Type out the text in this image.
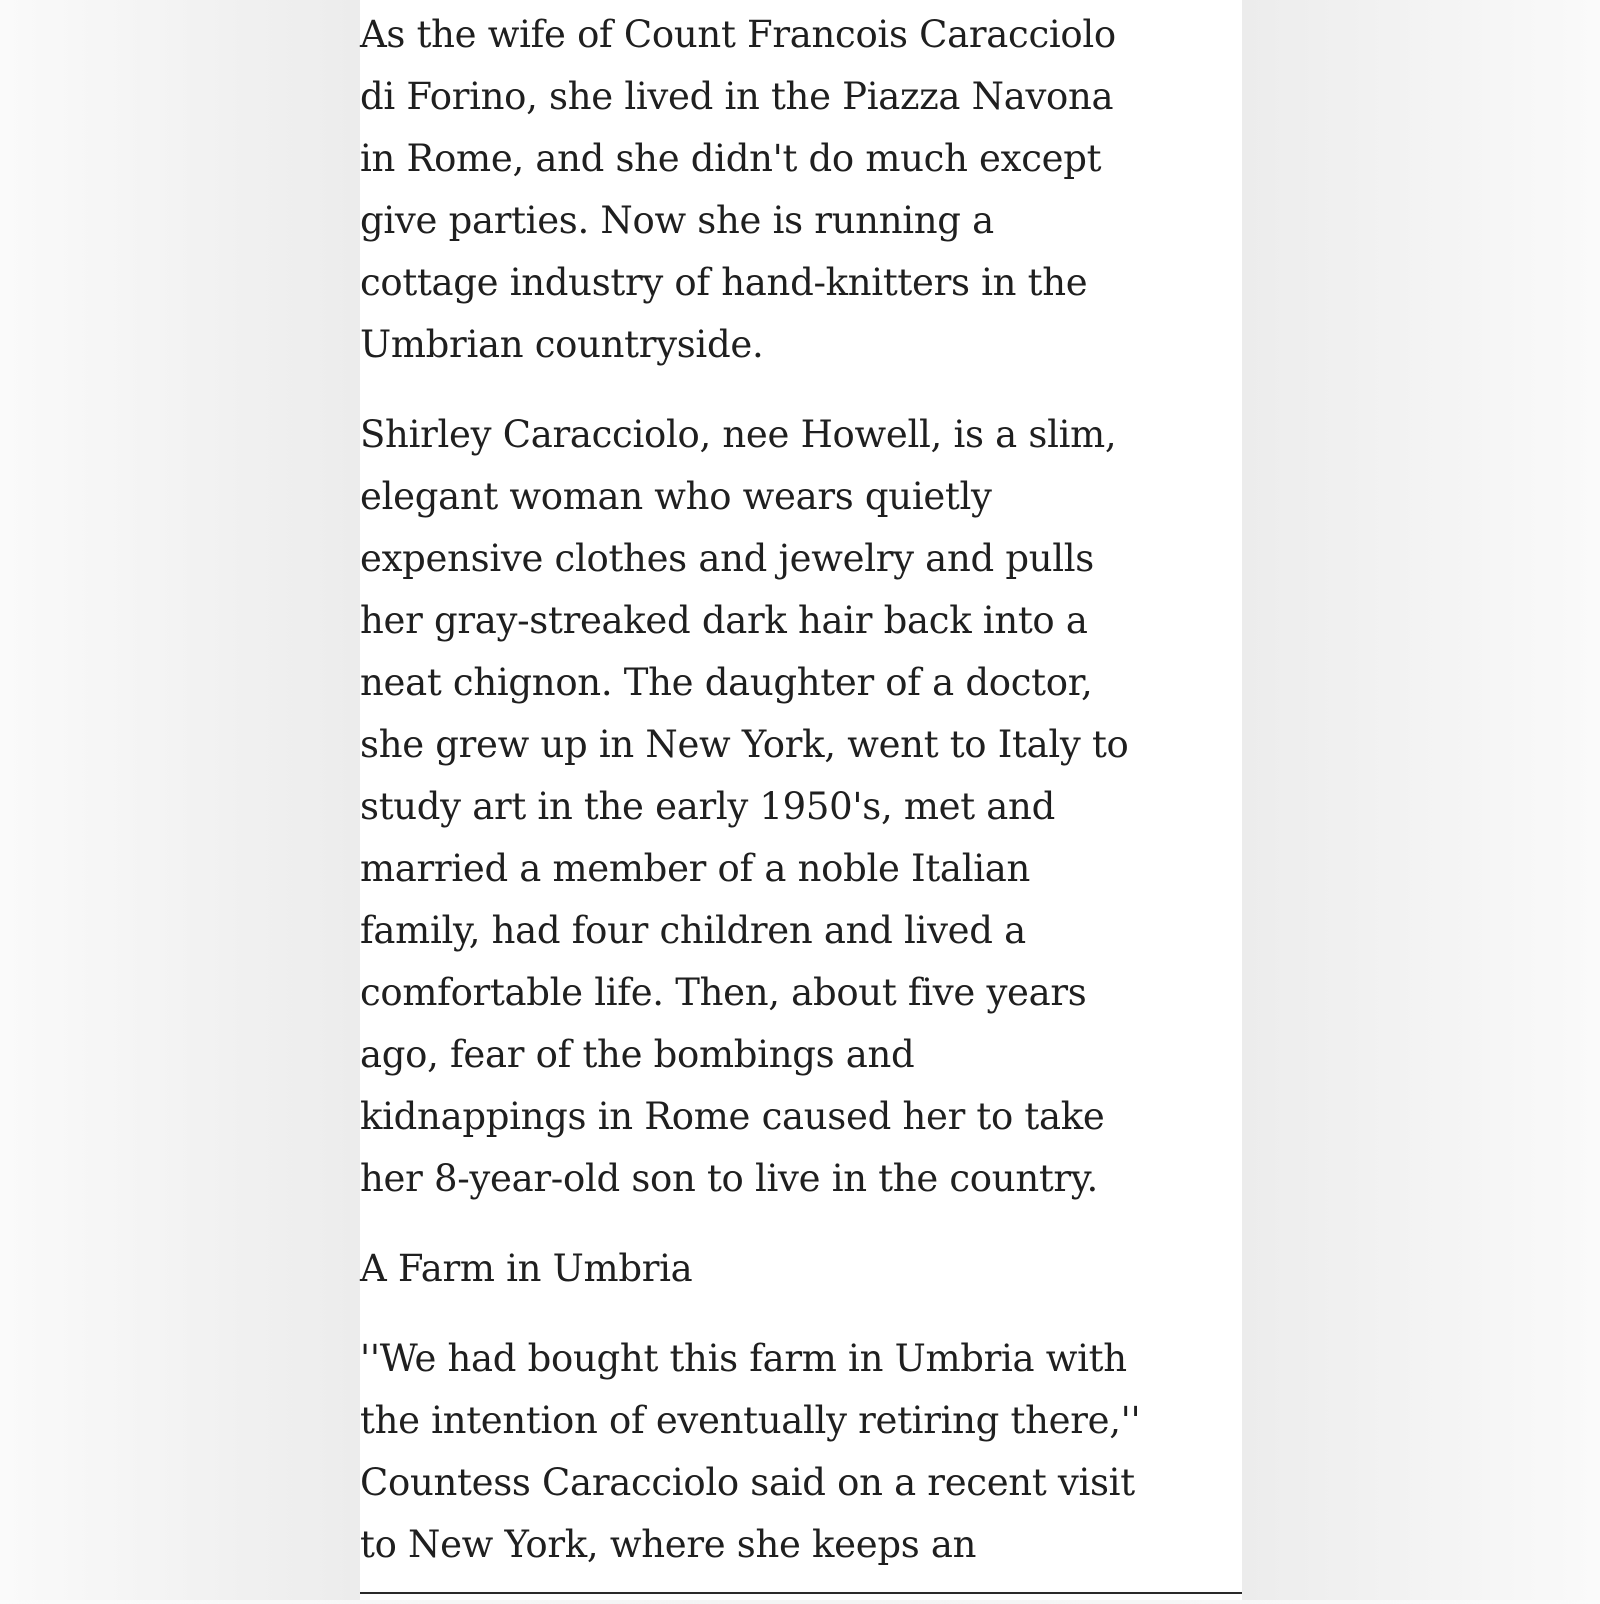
As the wife of Count Francois Caracciolo
di Forino, she lived in the Piazza Navona
in Rome, and she didn't do much except
give parties. Now she is running a
cottage industry of hand-knitters in the
Umbrian countryside.

Shirley Caracciolo, nee Howell, is a slim,
elegant woman who wears quietly
expensive clothes and jewelry and pulls
her gray-streaked dark hair back into a
neat chignon. The daughter of a doctor,
she grew up in New York, went to Italy to
study art in the early 1950's, met and
married a member of a noble Italian
family, had four children and lived a
comfortable life. Then, about five years
ago, fear of the bombings and
kidnappings in Rome caused her to take
her 8-year-old son to live in the country.

A Farm in Umbria

''We had bought this farm in Umbria with
the intention of eventually retiring there,''
Countess Caracciolo said on a recent visit
to New York, where she keeps an
